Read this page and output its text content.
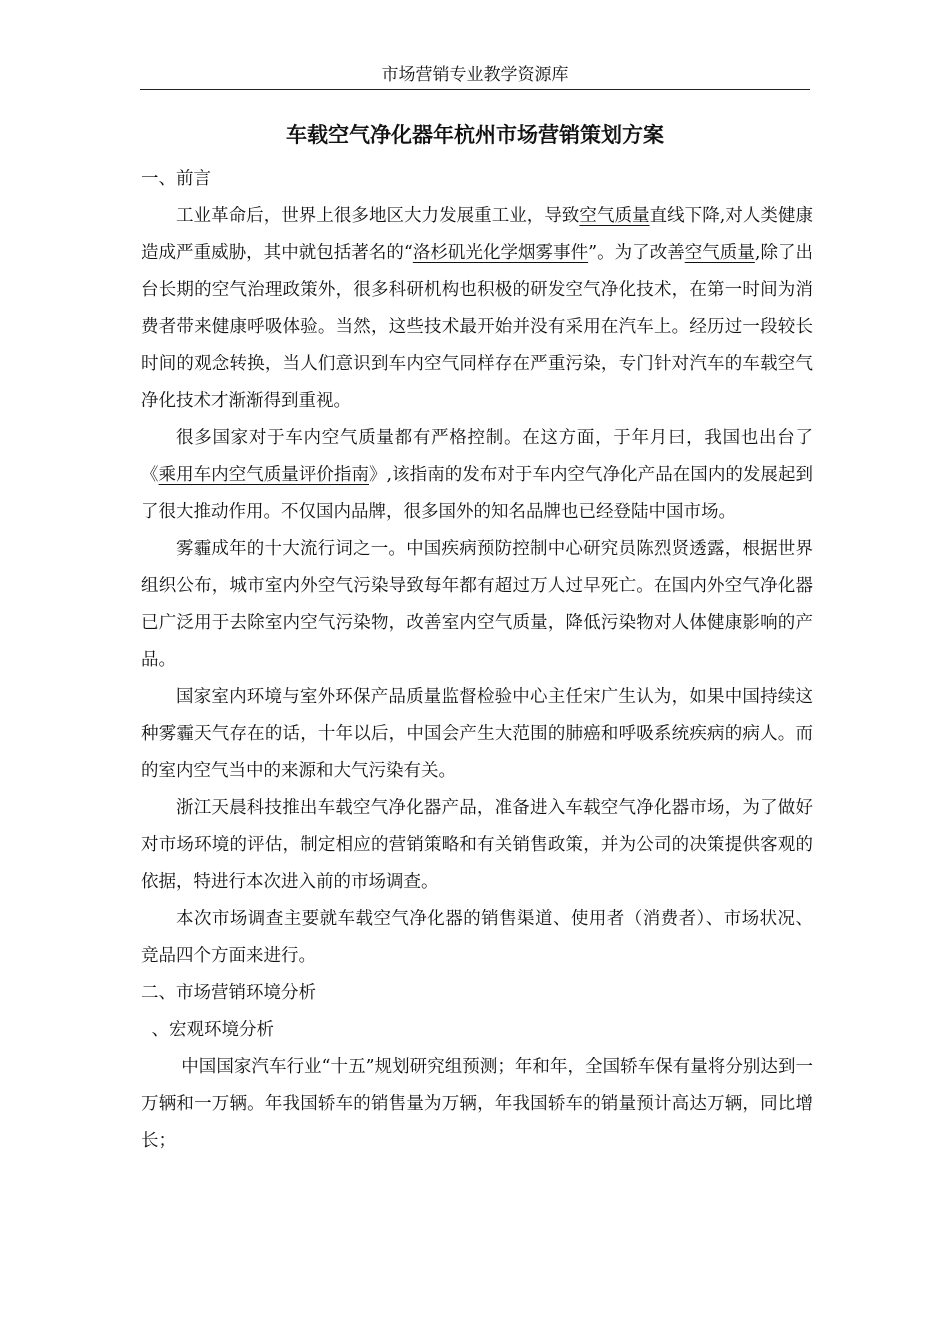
市场营销专业教学资源库
车载空气净化器年杭州市场营销策划方案

一、前言

工业革命后，世界上很多地区大力发展重工业，导致空气质量直线下降,对人类健康造成严重威胁，其中就包括著名的“洛杉矶光化学烟雾事件”。为了改善空气质量,除了出台长期的空气治理政策外，很多科研机构也积极的研发空气净化技术，在第一时间为消费者带来健康呼吸体验。当然，这些技术最开始并没有采用在汽车上。经历过一段较长时间的观念转换，当人们意识到车内空气同样存在严重污染，专门针对汽车的车载空气净化技术才渐渐得到重视。

很多国家对于车内空气质量都有严格控制。在这方面，于年月曰，我国也出台了《乘用车内空气质量评价指南》,该指南的发布对于车内空气净化产品在国内的发展起到了很大推动作用。不仅国内品牌，很多国外的知名品牌也已经登陆中国市场。

雾霾成年的十大流行词之一。中国疾病预防控制中心研究员陈烈贤透露，根据世界组织公布，城市室内外空气污染导致每年都有超过万人过早死亡。在国内外空气净化器已广泛用于去除室内空气污染物，改善室内空气质量，降低污染物对人体健康影响的产品。

国家室内环境与室外环保产品质量监督检验中心主任宋广生认为，如果中国持续这种雾霾天气存在的话，十年以后，中国会产生大范围的肺癌和呼吸系统疾病的病人。而的室内空气当中的来源和大气污染有关。

浙江天晨科技推出车载空气净化器产品，准备进入车载空气净化器市场，为了做好对市场环境的评估，制定相应的营销策略和有关销售政策，并为公司的决策提供客观的依据，特进行本次进入前的市场调查。

本次市场调查主要就车载空气净化器的销售渠道、使用者（消费者）、市场状况、竞品四个方面来进行。

二、市场营销环境分析

、宏观环境分析

中国国家汽车行业“十五”规划研究组预测；年和年，全国轿车保有量将分别达到一万辆和一万辆。年我国轿车的销售量为万辆，年我国轿车的销量预计高达万辆，同比增长；
